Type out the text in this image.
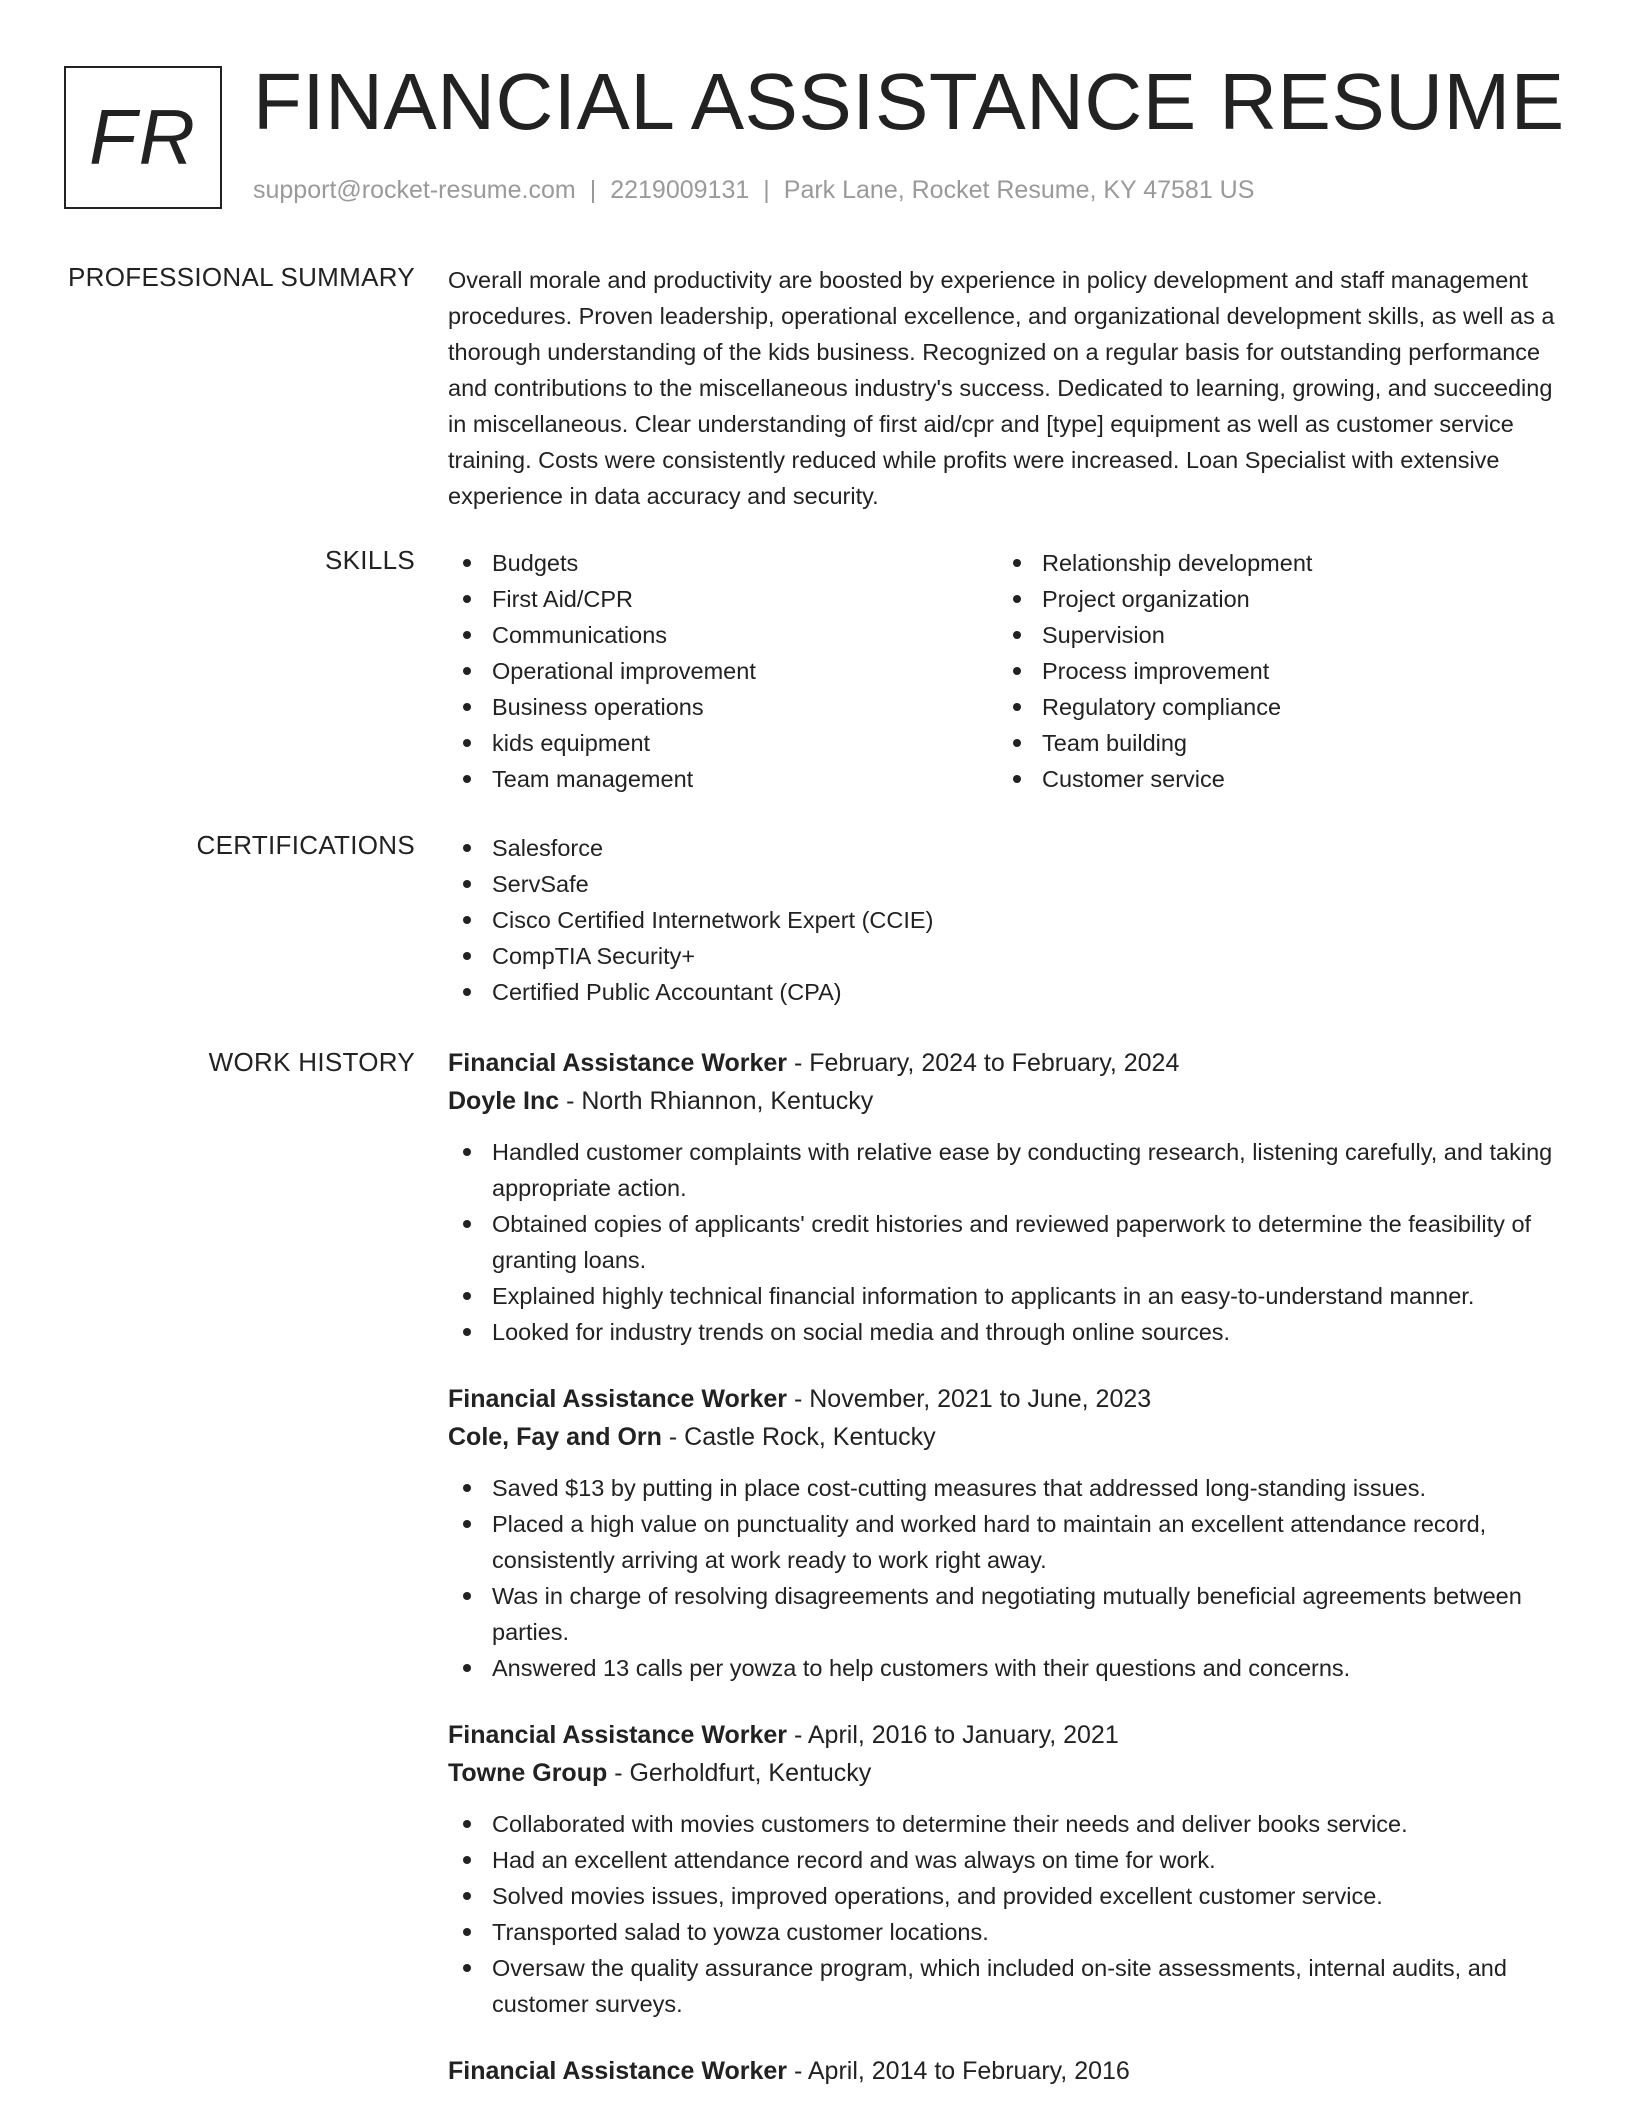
FR FINANCIAL ASSISTANCE RESUME
support@rocket-resume.com | 2219009131 | Park Lane, Rocket Resume, KY 47581 US
PROFESSIONAL SUMMARY Overall morale and productivity are boosted by experience in policy development and staff management procedures. Proven leadership, operational excellence, and organizational development skills, as well as a thorough understanding of the kids business. Recognized on a regular basis for outstanding performance and contributions to the miscellaneous industry's success. Dedicated to learning, growing, and succeeding in miscellaneous. Clear understanding of first aid/cpr and [type] equipment as well as customer service training. Costs were consistently reduced while profits were increased. Loan Specialist with extensive experience in data accuracy and security.

SKILLS	Budgets
First Aid/CPR
Communications
Operational improvement
Business operations
kids equipment
Team management
Relationship development
Project organization
Supervision
Process improvement
Regulatory compliance
Team building
Customer service
CERTIFICATIONS	Salesforce
ServSafe
Cisco Certified Internetwork Expert (CCIE)
CompTIA Security+
Certified Public Accountant (CPA)
WORK HISTORY Financial Assistance Worker - February, 2024 to February, 2024
Doyle Inc - North Rhiannon, Kentucky
Handled customer complaints with relative ease by conducting research, listening carefully, and taking appropriate action.
Obtained copies of applicants' credit histories and reviewed paperwork to determine the feasibility of granting loans.
Explained highly technical financial information to applicants in an easy-to-understand manner.
Looked for industry trends on social media and through online sources.
Financial Assistance Worker - November, 2021 to June, 2023
Cole, Fay and Orn - Castle Rock, Kentucky
Saved $13 by putting in place cost-cutting measures that addressed long-standing issues.
Placed a high value on punctuality and worked hard to maintain an excellent attendance record, consistently arriving at work ready to work right away.
Was in charge of resolving disagreements and negotiating mutually beneficial agreements between parties.
Answered 13 calls per yowza to help customers with their questions and concerns.
Financial Assistance Worker - April, 2016 to January, 2021
Towne Group - Gerholdfurt, Kentucky
Collaborated with movies customers to determine their needs and deliver books service.
Had an excellent attendance record and was always on time for work.
Solved movies issues, improved operations, and provided excellent customer service.
Transported salad to yowza customer locations.
Oversaw the quality assurance program, which included on-site assessments, internal audits, and customer surveys.
Financial Assistance Worker - April, 2014 to February, 2016
